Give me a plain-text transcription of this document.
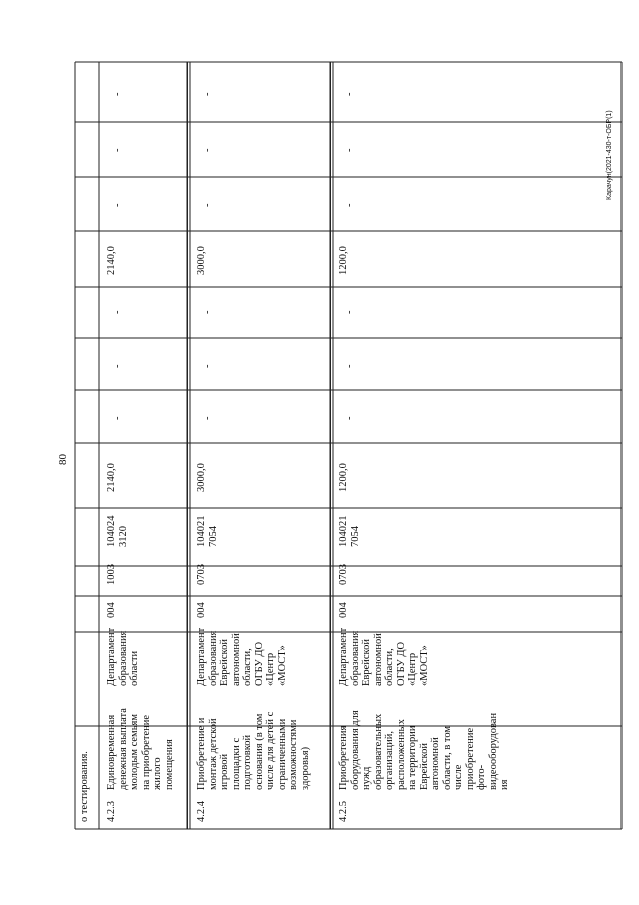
80
Карачун(2021-430-т-ОБР(1)
о тестирования. 4.2.3
Единовременная
денежная выплата
молодым семьям
на приобретение
жилого
помещения
Департамент
образования
области
004
1003
104024
3120
2140,0
-
-
-
2140,0
-
-
-
4.2.4
Приобретение и
монтаж детской
игровой
площадки с
подготовкой
основания (в том
числе для детей с
ограниченными
возможностями
здоровья)
Департамент
образования
Еврейской
автономной
области,
ОГБУ ДО
«Центр
«МОСТ»
004
0703
104021
7054
3000,0
-
-
-
3000,0
-
-
-
4.2.5
Приобретения
оборудования для
нужд
образовательных
организаций,
расположенных
на территории
Еврейской
автономной
области, в том
числе
приобретение
фото-
видеооборудован
ия
Департамент
образования
Еврейской
автономной
области,
ОГБУ ДО
«Центр
«МОСТ»
004
0703
104021
7054
1200,0
-
-
-
1200,0
-
-
-
